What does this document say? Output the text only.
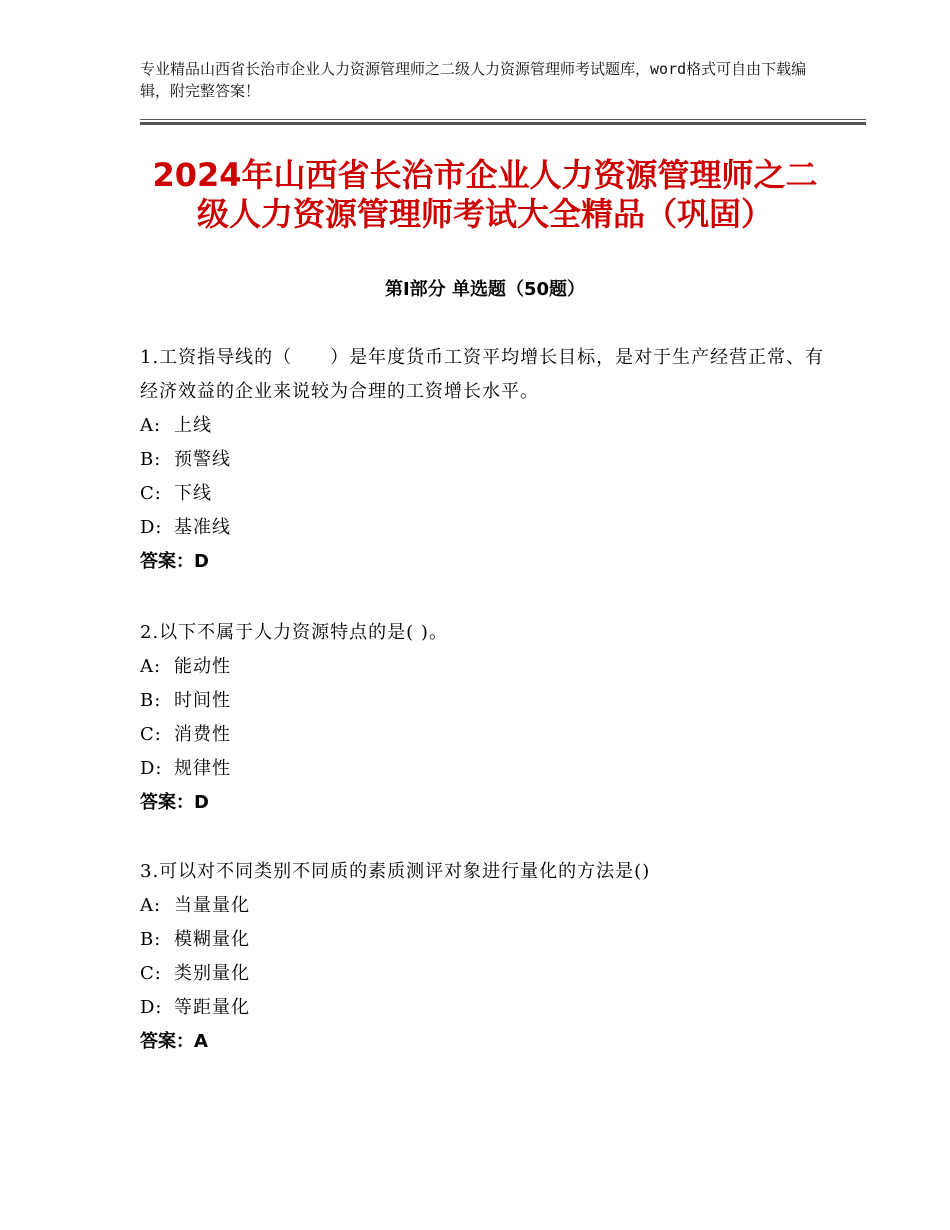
专业精品山西省长治市企业人力资源管理师之二级人力资源管理师考试题库，word格式可自由下载编辑，附完整答案！
2024年山西省长治市企业人力资源管理师之二级人力资源管理师考试大全精品（巩固）
第Ⅰ部分 单选题（50题）

1.工资指导线的（　　）是年度货币工资平均增长目标，是对于生产经营正常、有经济效益的企业来说较为合理的工资增长水平。

A: 上线

B: 预警线

C: 下线

D: 基准线

答案：D

2.以下不属于人力资源特点的是( )。

A: 能动性

B: 时间性

C: 消费性

D: 规律性

答案：D

3.可以对不同类别不同质的素质测评对象进行量化的方法是()

A: 当量量化

B: 模糊量化

C: 类别量化

D: 等距量化

答案：A
